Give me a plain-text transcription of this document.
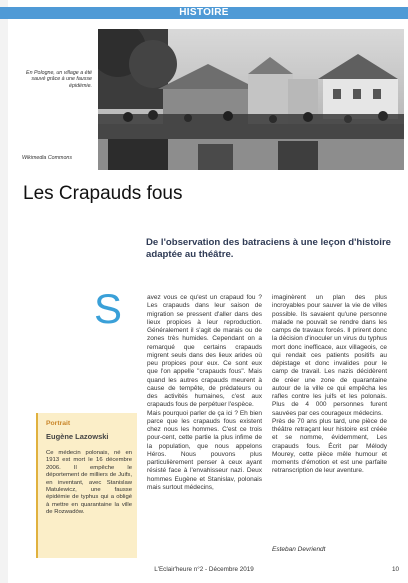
HISTOIRE
En Pologne, un village a été sauvé grâce à une fausse épidémie.
Wikimedia Commons
Les Crapauds fous
De l'observation des batraciens à une leçon d'histoire adaptée au théâtre.
S	avez vous ce qu'est un crapaud fou ? Les crapauds dans leur saison de migration se pressent d'aller dans des lieux propices à leur reproduction. Généralement il s'agit de marais ou de zones très humides. Cependant on a remarqué que certains crapauds migrent seuls dans des lieux arides où peu propices pour eux. Ce sont eux que l'on appelle "crapauds fous". Mais quand les autres crapauds meurent à cause de tempête, de prédateurs ou des activités humaines, c'est aux crapauds fous de perpétuer l'espèce.

Mais pourquoi parler de ça ici ? Eh bien parce que les crapauds fous existent chez nous les hommes. C'est ce trois pour-cent, cette partie la plus infime de la population, que nous appelons Héros. Nous pouvons plus particulièrement penser à ceux ayant résisté face à l'envahisseur nazi. Deux hommes Eugène et Stanislav, polonais mais surtout médecins,

imaginèrent un plan des plus incroyables pour sauver la vie de villes possible. Ils savaient qu'une personne malade ne pouvait se rendre dans les camps de travaux forcés. Il prirent donc la décision d'inoculer un virus du typhus mort donc inefficace, aux villageois, ce qui rendait ces patients positifs au dépistage et donc invalides pour le camp de travail. Les nazis décidèrent de créer une zone de quarantaine autour de la ville ce qui empêcha les rafles contre les juifs et les polonais. Plus de 4 000 personnes furent sauvées par ces courageux médecins.

Près de 70 ans plus tard, une pièce de théâtre retraçant leur histoire est créée et se nomme, évidemment, Les crapauds fous. Écrit par Mélody Mourey, cette pièce mêle humour et moments d'émotion et est une parfaite retranscription de leur aventure.

Esteban Devriendt
Portrait
Eugène Lazowski
Ce médecin polonais, né en 1913 est mort le 16 décembre 2006. Il empêche le déportement de milliers de Juifs, en inventant, avec Stanislaw Matulewicz, une fausse épidémie de typhus qui a obligé à mettre en quarantaine la ville de Rozwadów.
L'Eclair'heure n°2 - Décembre 2019	10
